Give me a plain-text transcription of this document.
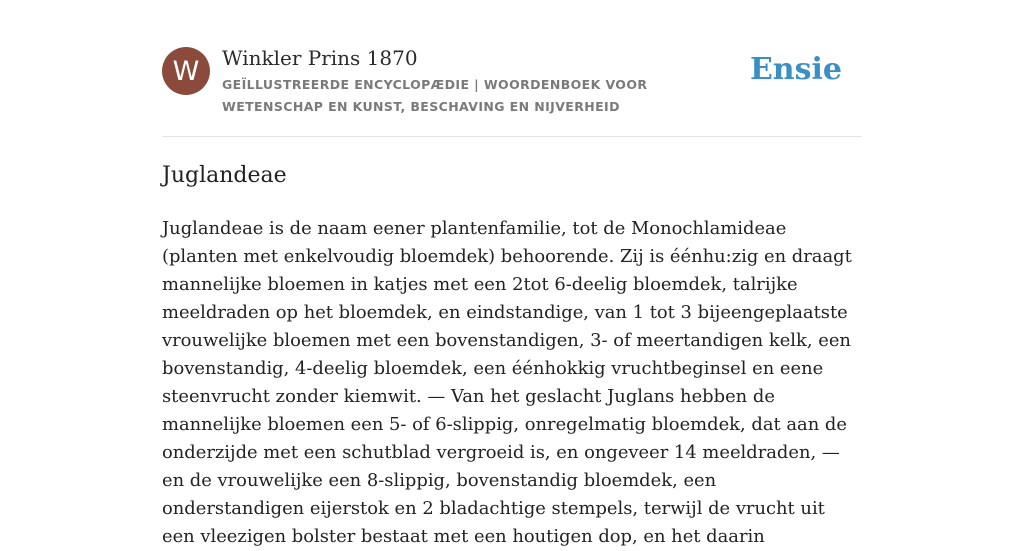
W	Winkler Prins 1870
GEÏLLUSTREERDE ENCYCLOPÆDIE | WOORDENBOEK VOOR WETENSCHAP EN KUNST, BESCHAVING EN NIJVERHEID
Ensie
Juglandeae

Juglandeae is de naam eener plantenfamilie, tot de Monochlamideae (planten met enkelvoudig bloemdek) behoorende. Zij is éénhu:zig en draagt mannelijke bloemen in katjes met een 2tot 6-deelig bloemdek, talrijke meeldraden op het bloemdek, en eindstandige, van 1 tot 3 bijeengeplaatste vrouwelijke bloemen met een bovenstandigen, 3- of meertandigen kelk, een bovenstandig, 4-deelig bloemdek, een éénhokkig vruchtbeginsel en eene steenvrucht zonder kiemwit. — Van het geslacht Juglans hebben de mannelijke bloemen een 5- of 6-slippig, onregelmatig bloemdek, dat aan de onderzijde met een schutblad vergroeid is, en ongeveer 14 meeldraden, — en de vrouwelijke een 8-slippig, bovenstandig bloemdek, een onderstandigen eijerstok en 2 bladachtige stempels, terwijl de vrucht uit een vleezigen bolster bestaat met een houtigen dop, en het daarin
